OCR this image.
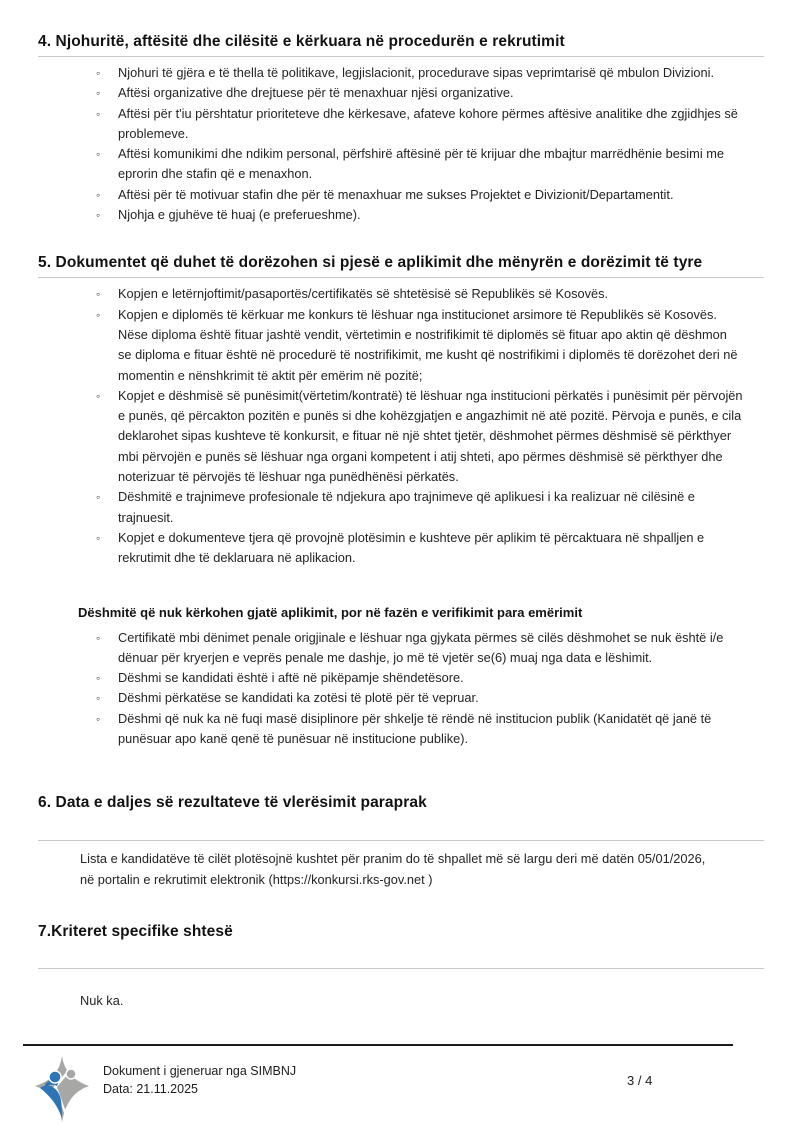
4. Njohuritë, aftësitë dhe cilësitë e kërkuara në procedurën e rekrutimit
◦ Njohuri të gjëra e të thella të politikave, legjislacionit, procedurave sipas veprimtarisë që mbulon Divizioni.
◦ Aftësi organizative dhe drejtuese për të menaxhuar njësi organizative.
◦ Aftësi për t'iu përshtatur prioriteteve dhe kërkesave, afateve kohore përmes aftësive analitike dhe zgjidhjes së problemeve.
◦ Aftësi komunikimi dhe ndikim personal, përfshirë aftësinë për të krijuar dhe mbajtur marrëdhënie besimi me eprorin dhe stafin që e menaxhon.
◦ Aftësi për të motivuar stafin dhe për të menaxhuar me sukses Projektet e Divizionit/Departamentit.
◦ Njohja e gjuhëve të huaj (e preferueshme).
5. Dokumentet që duhet të dorëzohen si pjesë e aplikimit dhe mënyrën e dorëzimit të tyre
◦ Kopjen e letërnjoftimit/pasaportës/certifikatës së shtetësisë së Republikës së Kosovës.
◦ Kopjen e diplomës të kërkuar me konkurs të lëshuar nga institucionet arsimore të Republikës së Kosovës. Nëse diploma është fituar jashtë vendit, vërtetimin e nostrifikimit të diplomës së fituar apo aktin që dëshmon se diploma e fituar është në procedurë të nostrifikimit, me kusht që nostrifikimi i diplomës të dorëzohet deri në momentin e nënshkrimit të aktit për emërim në pozitë;
◦ Kopjet e dëshmisë së punësimit(vërtetim/kontratë) të lëshuar nga institucioni përkatës i punësimit për përvojën e punës, që përcakton pozitën e punës si dhe kohëzgjatjen e angazhimit në atë pozitë. Përvoja e punës, e cila deklarohet sipas kushteve të konkursit, e fituar në një shtet tjetër, dëshmohet përmes dëshmisë së përkthyer mbi përvojën e punës së lëshuar nga organi kompetent i atij shteti, apo përmes dëshmisë së përkthyer dhe noterizuar të përvojës të lëshuar nga punëdhënësi përkatës.
◦ Dëshmitë e trajnimeve profesionale të ndjekura apo trajnimeve që aplikuesi i ka realizuar në cilësinë e trajnuesit.
◦ Kopjet e dokumenteve tjera që provojnë plotësimin e kushteve për aplikim të përcaktuara në shpalljen e rekrutimit dhe të deklaruara në aplikacion.
Dëshmitë që nuk kërkohen gjatë aplikimit, por në fazën e verifikimit para emërimit
◦ Certifikatë mbi dënimet penale origjinale e lëshuar nga gjykata përmes së cilës dëshmohet se nuk është i/e dënuar për kryerjen e veprës penale me dashje, jo më të vjetër se(6) muaj nga data e lëshimit.
◦ Dëshmi se kandidati është i aftë në pikëpamje shëndetësore.
◦ Dëshmi përkatëse se kandidati ka zotësi të plotë për të vepruar.
◦ Dëshmi që nuk ka në fuqi masë disiplinore për shkelje të rëndë në institucion publik (Kanidatët që janë të punësuar apo kanë qenë të punësuar në institucione publike).
6. Data e daljes së rezultateve të vlerësimit paraprak

Lista e kandidatëve të cilët plotësojnë kushtet për pranim do të shpallet më së largu deri më datën 05/01/2026, në portalin e rekrutimit elektronik (https://konkursi.rks-gov.net )

7.Kriteret specifike shtesë

Nuk ka.

Dokument i gjeneruar nga SIMBNJ
Data: 21.11.2025
3 / 4
